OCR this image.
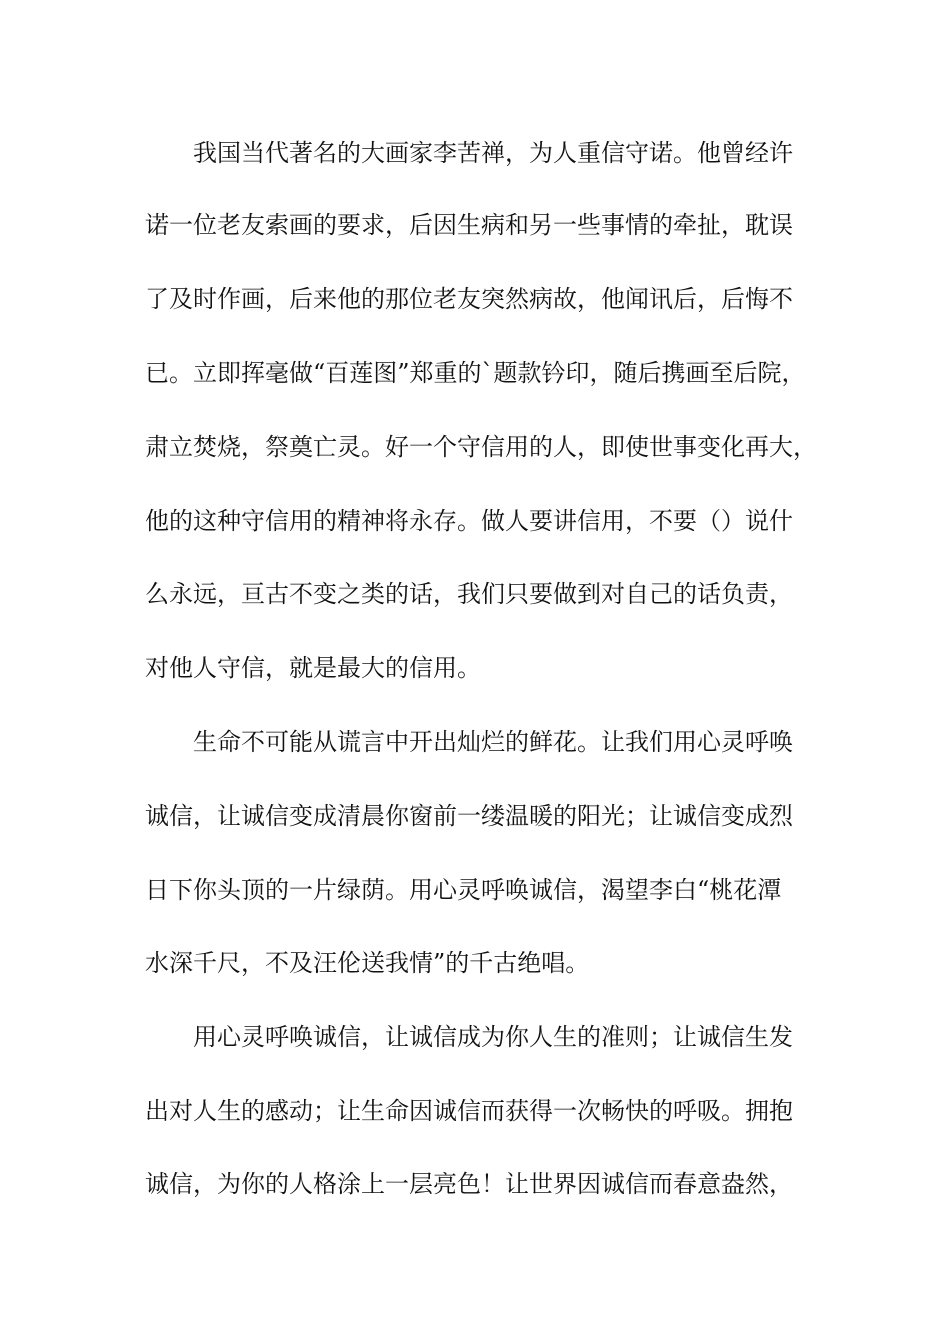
我国当代著名的大画家李苦禅，为人重信守诺。他曾经许
诺一位老友索画的要求，后因生病和另一些事情的牵扯，耽误
了及时作画，后来他的那位老友突然病故，他闻讯后，后悔不
已。立即挥毫做“百莲图”郑重的`题款钤印，随后携画至后院，
肃立焚烧，祭奠亡灵。好一个守信用的人，即使世事变化再大，
他的这种守信用的精神将永存。做人要讲信用，不要（）说什
么永远，亘古不变之类的话，我们只要做到对自己的话负责，
对他人守信，就是最大的信用。
生命不可能从谎言中开出灿烂的鲜花。让我们用心灵呼唤
诚信，让诚信变成清晨你窗前一缕温暖的阳光；让诚信变成烈
日下你头顶的一片绿荫。用心灵呼唤诚信，渴望李白“桃花潭
水深千尺，不及汪伦送我情”的千古绝唱。
用心灵呼唤诚信，让诚信成为你人生的准则；让诚信生发
出对人生的感动；让生命因诚信而获得一次畅快的呼吸。拥抱
诚信，为你的人格涂上一层亮色！让世界因诚信而春意盎然，
